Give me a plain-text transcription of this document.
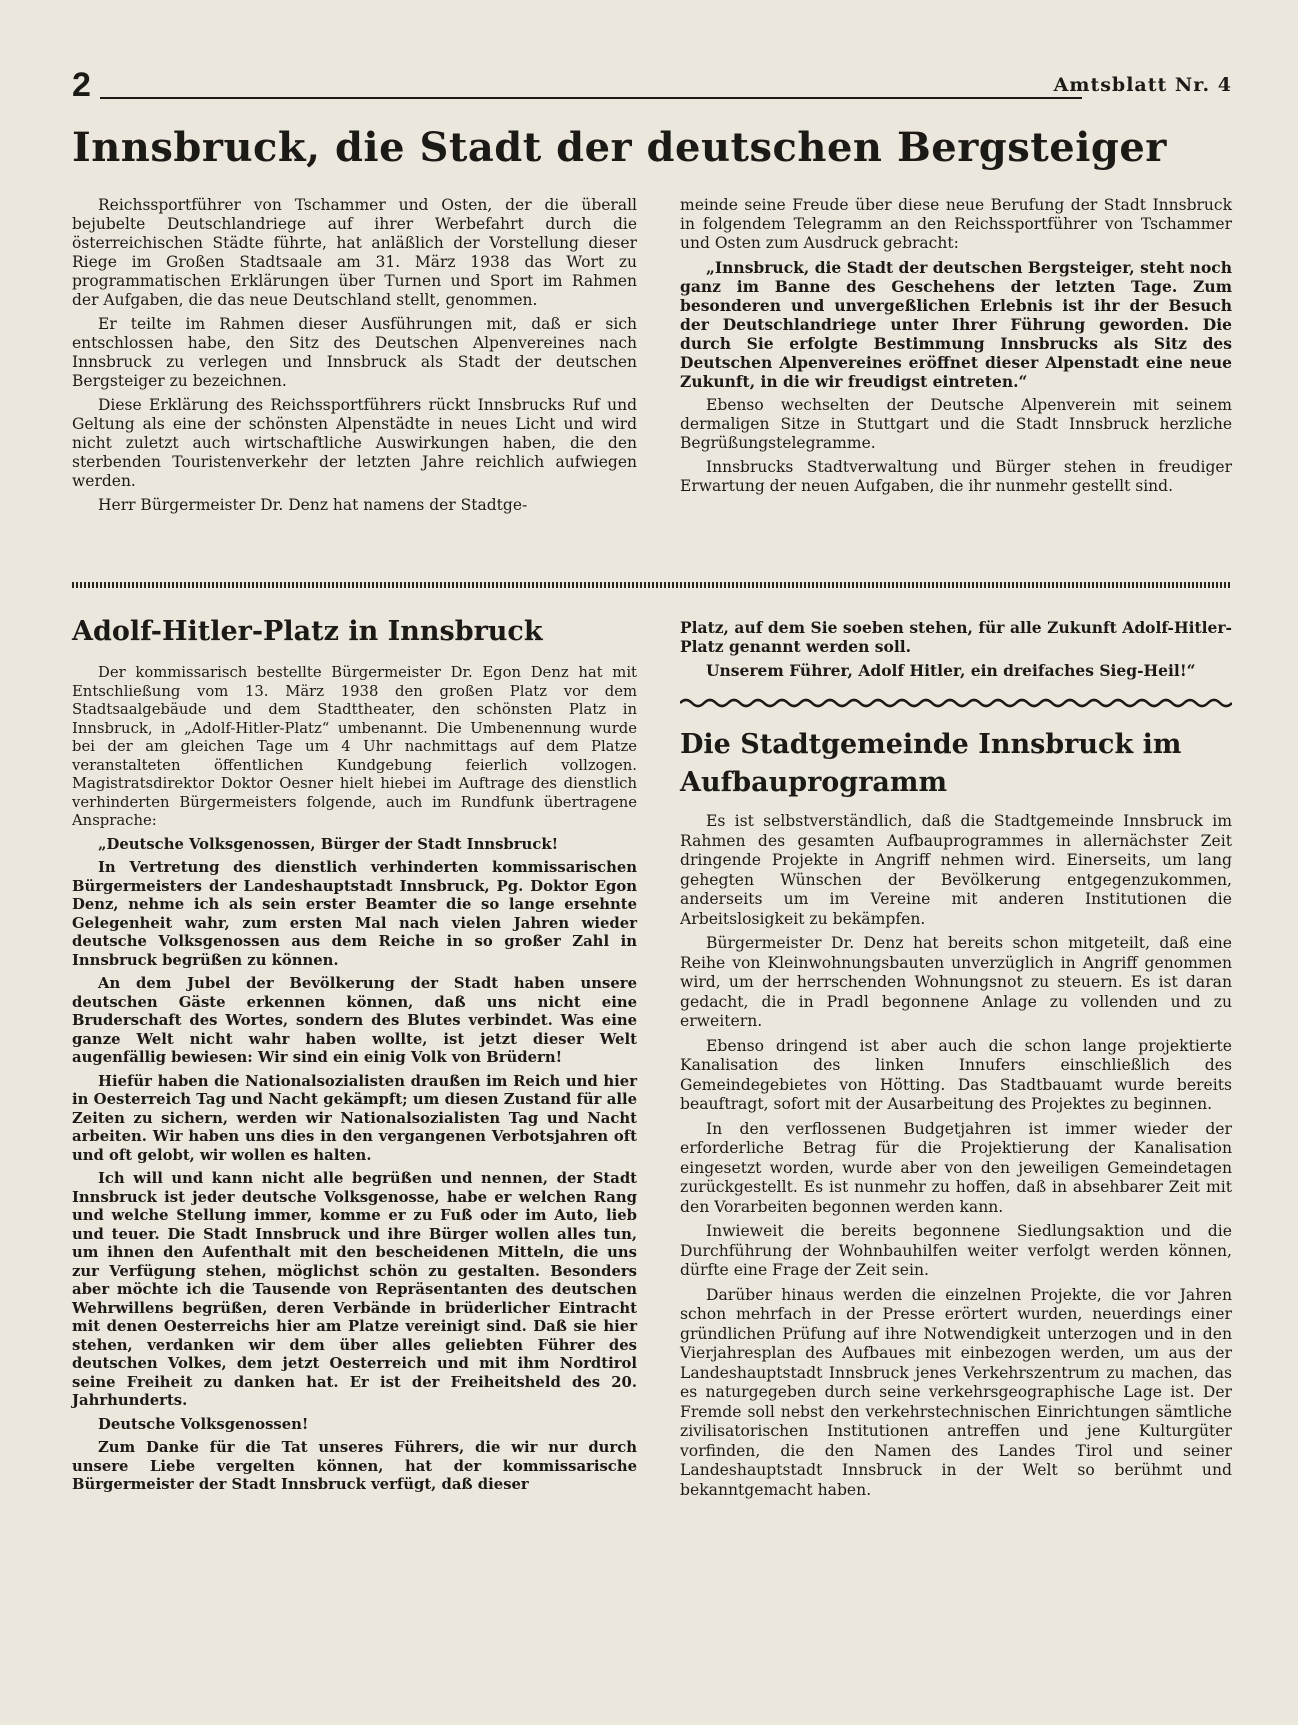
2	Amtsblatt Nr. 4
Innsbruck, die Stadt der deutschen Bergsteiger

Reichssportführer von Tschammer und Osten, der die überall bejubelte Deutschlandriege auf ihrer Werbefahrt durch die österreichischen Städte führte, hat anläßlich der Vorstellung dieser Riege im Großen Stadtsaale am 31. März 1938 das Wort zu programmatischen Erklärungen über Turnen und Sport im Rahmen der Aufgaben, die das neue Deutschland stellt, genommen.

Er teilte im Rahmen dieser Ausführungen mit, daß er sich entschlossen habe, den Sitz des Deutschen Alpenvereines nach Innsbruck zu verlegen und Innsbruck als Stadt der deutschen Bergsteiger zu bezeichnen.

Diese Erklärung des Reichssportführers rückt Innsbrucks Ruf und Geltung als eine der schönsten Alpenstädte in neues Licht und wird nicht zuletzt auch wirtschaftliche Auswirkungen haben, die den sterbenden Touristenverkehr der letzten Jahre reichlich aufwiegen werden.

Herr Bürgermeister Dr. Denz hat namens der Stadtge-

meinde seine Freude über diese neue Berufung der Stadt Innsbruck in folgendem Telegramm an den Reichssportführer von Tschammer und Osten zum Ausdruck gebracht:

„Innsbruck, die Stadt der deutschen Bergsteiger, steht noch ganz im Banne des Geschehens der letzten Tage. Zum besonderen und unvergeßlichen Erlebnis ist ihr der Besuch der Deutschlandriege unter Ihrer Führung geworden. Die durch Sie erfolgte Bestimmung Innsbrucks als Sitz des Deutschen Alpenvereines eröffnet dieser Alpenstadt eine neue Zukunft, in die wir freudigst eintreten.“

Ebenso wechselten der Deutsche Alpenverein mit seinem dermaligen Sitze in Stuttgart und die Stadt Innsbruck herzliche Begrüßungstelegramme.

Innsbrucks Stadtverwaltung und Bürger stehen in freudiger Erwartung der neuen Aufgaben, die ihr nunmehr gestellt sind.

Adolf-Hitler-Platz in Innsbruck

Der kommissarisch bestellte Bürgermeister Dr. Egon Denz hat mit Entschließung vom 13. März 1938 den großen Platz vor dem Stadtsaalgebäude und dem Stadttheater, den schönsten Platz in Innsbruck, in „Adolf-Hitler-Platz“ umbenannt. Die Umbenennung wurde bei der am gleichen Tage um 4 Uhr nachmittags auf dem Platze veranstalteten öffentlichen Kundgebung feierlich vollzogen. Magistratsdirektor Doktor Oesner hielt hiebei im Auftrage des dienstlich verhinderten Bürgermeisters folgende, auch im Rundfunk übertragene Ansprache:

„Deutsche Volksgenossen, Bürger der Stadt Innsbruck!

In Vertretung des dienstlich verhinderten kommissarischen Bürgermeisters der Landeshauptstadt Innsbruck, Pg. Doktor Egon Denz, nehme ich als sein erster Beamter die so lange ersehnte Gelegenheit wahr, zum ersten Mal nach vielen Jahren wieder deutsche Volksgenossen aus dem Reiche in so großer Zahl in Innsbruck begrüßen zu können.

An dem Jubel der Bevölkerung der Stadt haben unsere deutschen Gäste erkennen können, daß uns nicht eine Bruderschaft des Wortes, sondern des Blutes verbindet. Was eine ganze Welt nicht wahr haben wollte, ist jetzt dieser Welt augenfällig bewiesen: Wir sind ein einig Volk von Brüdern!

Hiefür haben die Nationalsozialisten draußen im Reich und hier in Oesterreich Tag und Nacht gekämpft; um diesen Zustand für alle Zeiten zu sichern, werden wir Nationalsozialisten Tag und Nacht arbeiten. Wir haben uns dies in den vergangenen Verbotsjahren oft und oft gelobt, wir wollen es halten.

Ich will und kann nicht alle begrüßen und nennen, der Stadt Innsbruck ist jeder deutsche Volksgenosse, habe er welchen Rang und welche Stellung immer, komme er zu Fuß oder im Auto, lieb und teuer. Die Stadt Innsbruck und ihre Bürger wollen alles tun, um ihnen den Aufenthalt mit den bescheidenen Mitteln, die uns zur Verfügung stehen, möglichst schön zu gestalten. Besonders aber möchte ich die Tausende von Repräsentanten des deutschen Wehrwillens begrüßen, deren Verbände in brüderlicher Eintracht mit denen Oesterreichs hier am Platze vereinigt sind. Daß sie hier stehen, verdanken wir dem über alles geliebten Führer des deutschen Volkes, dem jetzt Oesterreich und mit ihm Nordtirol seine Freiheit zu danken hat. Er ist der Freiheitsheld des 20. Jahrhunderts.

Deutsche Volksgenossen!

Zum Danke für die Tat unseres Führers, die wir nur durch unsere Liebe vergelten können, hat der kommissarische Bürgermeister der Stadt Innsbruck verfügt, daß dieser

Platz, auf dem Sie soeben stehen, für alle Zukunft Adolf-Hitler-Platz genannt werden soll.

Unserem Führer, Adolf Hitler, ein dreifaches Sieg-Heil!“

Die Stadtgemeinde Innsbruck im Aufbauprogramm

Es ist selbstverständlich, daß die Stadtgemeinde Innsbruck im Rahmen des gesamten Aufbauprogrammes in allernächster Zeit dringende Projekte in Angriff nehmen wird. Einerseits, um lang gehegten Wünschen der Bevölkerung entgegenzukommen, anderseits um im Vereine mit anderen Institutionen die Arbeitslosigkeit zu bekämpfen.

Bürgermeister Dr. Denz hat bereits schon mitgeteilt, daß eine Reihe von Kleinwohnungsbauten unverzüglich in Angriff genommen wird, um der herrschenden Wohnungsnot zu steuern. Es ist daran gedacht, die in Pradl begonnene Anlage zu vollenden und zu erweitern.

Ebenso dringend ist aber auch die schon lange projektierte Kanalisation des linken Innufers einschließlich des Gemeindegebietes von Hötting. Das Stadtbauamt wurde bereits beauftragt, sofort mit der Ausarbeitung des Projektes zu beginnen.

In den verflossenen Budgetjahren ist immer wieder der erforderliche Betrag für die Projektierung der Kanalisation eingesetzt worden, wurde aber von den jeweiligen Gemeindetagen zurückgestellt. Es ist nunmehr zu hoffen, daß in absehbarer Zeit mit den Vorarbeiten begonnen werden kann.

Inwieweit die bereits begonnene Siedlungsaktion und die Durchführung der Wohnbauhilfen weiter verfolgt werden können, dürfte eine Frage der Zeit sein.

Darüber hinaus werden die einzelnen Projekte, die vor Jahren schon mehrfach in der Presse erörtert wurden, neuerdings einer gründlichen Prüfung auf ihre Notwendigkeit unterzogen und in den Vierjahresplan des Aufbaues mit einbezogen werden, um aus der Landeshauptstadt Innsbruck jenes Verkehrszentrum zu machen, das es naturgegeben durch seine verkehrsgeographische Lage ist. Der Fremde soll nebst den verkehrstechnischen Einrichtungen sämtliche zivilisatorischen Institutionen antreffen und jene Kulturgüter vorfinden, die den Namen des Landes Tirol und seiner Landeshauptstadt Innsbruck in der Welt so berühmt und bekanntgemacht haben.
